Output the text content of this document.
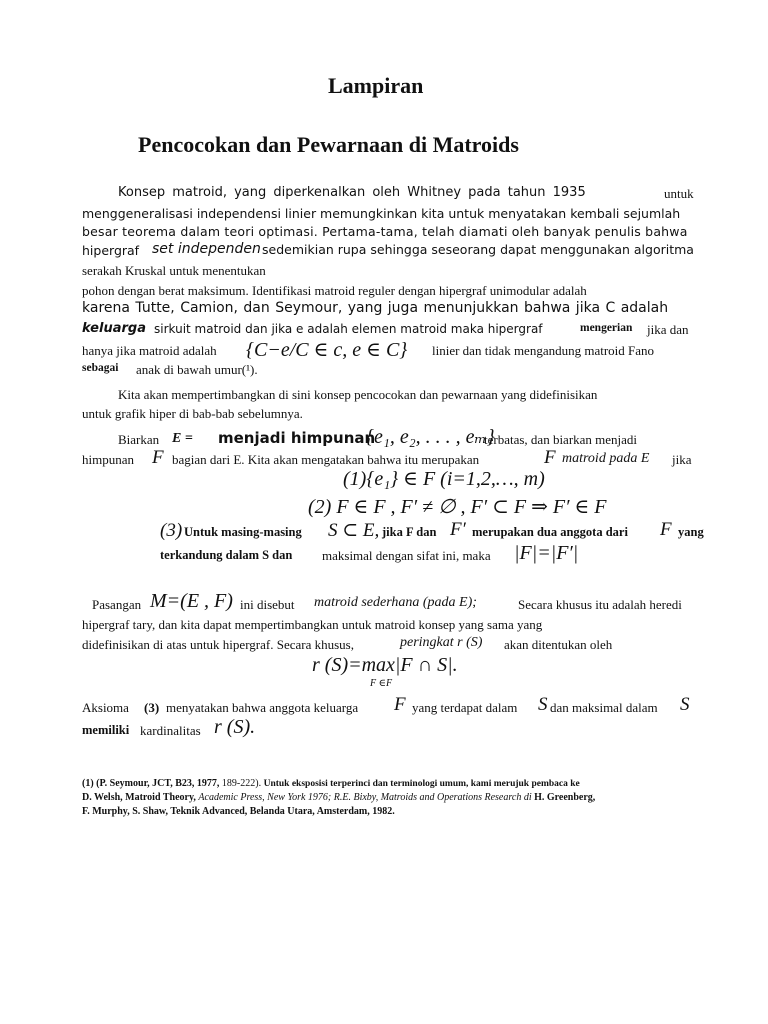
Lampiran
Pencocokan dan Pewarnaan di Matroids
Konsep matroid, yang diperkenalkan oleh Whitney pada tahun 1935	untuk
menggeneralisasi independensi linier memungkinkan kita untuk menyatakan kembali sejumlah
besar teorema dalam teori optimasi. Pertama-tama, telah diamati oleh banyak penulis bahwa
hipergraf set independen sedemikian rupa sehingga seseorang dapat menggunakan algoritma
serakah Kruskal untuk menentukan
pohon dengan berat maksimum. Identifikasi matroid reguler dengan hipergraf unimodular adalah
karena Tutte, Camion, dan Seymour, yang juga menunjukkan bahwa jika C adalah
keluarga sirkuit matroid dan jika e adalah elemen matroid maka hipergraf	mengerian jika dan
hanya jika matroid adalah {C−e/C ∈ c, e ∈ C} linier dan tidak mengandung matroid Fano
sebagai anak di bawah umur(¹).
Kita akan mempertimbangkan di sini konsep pencocokan dan pewarnaan yang didefinisikan
untuk grafik hiper di bab-bab sebelumnya.
Biarkan E = menjadi himpunan
{e₁, e₂, . . . , eₘ}
terbatas, dan biarkan menjadi
himpunan F bagian dari E. Kita akan mengatakan bahwa itu merupakan	F matroid pada E jika
(1){e₁} ∈ F (i=1,2,…, m)
(2) F ∈ F , F′ ≠ ∅ , F′ ⊂ F ⇒ F′ ∈ F
(3) Untuk masing-masing S ⊂ E, jika F dan F′ merupakan dua anggota dari F yang
terkandung dalam S dan maksimal dengan sifat ini, maka |F|=|F′|
Pasangan M=(E , F) ini disebut matroid sederhana (pada E);	Secara khusus itu adalah heredi
hipergraf tary, dan kita dapat mempertimbangkan untuk matroid konsep yang sama yang
didefinisikan di atas untuk hipergraf. Secara khusus,	peringkat r (S) akan ditentukan oleh
r (S)=max|F ∩ S|.
F ∈F
Aksioma (3) menyatakan bahwa anggota keluarga F yang terdapat dalam S dan maksimal dalam S
memiliki kardinalitas r (S).
(1) (P. Seymour, JCT, B23, 1977, 189-222). Untuk eksposisi terperinci dan terminologi umum, kami merujuk pembaca ke
D. Welsh, Matroid Theory, Academic Press, New York 1976; R.E. Bixby, Matroids and Operations Research di H. Greenberg,
F. Murphy, S. Shaw, Teknik Advanced, Belanda Utara, Amsterdam, 1982.
